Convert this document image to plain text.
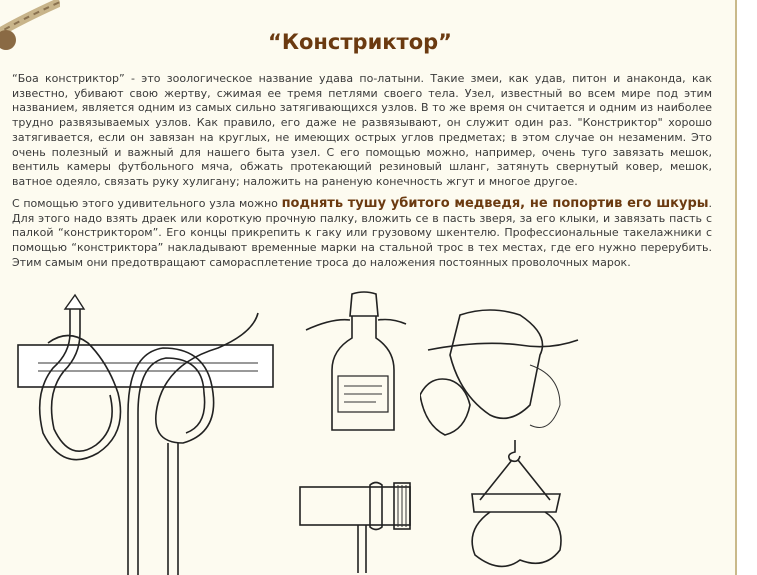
“Констриктор”

“Боа констриктор” - это зоологическое название удава по-латыни. Такие змеи, как удав, питон и анаконда, как известно, убивают свою жертву, сжимая ее тремя петлями своего тела. Узел, известный во всем мире под этим названием, является одним из самых сильно затягивающихся узлов. В то же время он считается и одним из наиболее трудно развязываемых узлов. Как правило, его даже не развязывают, он служит один раз. "Констриктор" хорошо затягивается, если он завязан на круглых, не имеющих острых углов предметах; в этом случае он незаменим. Это очень полезный и важный для нашего быта узел. С его помощью можно, например, очень туго завязать мешок, вентиль камеры футбольного мяча, обжать протекающий резиновый шланг, затянуть свернутый ковер, мешок, ватное одеяло, связать руку хулигану; наложить на раненую конечность жгут и многое другое.

С помощью этого удивительного узла можно поднять тушу убитого медведя, не попортив его шкуры. Для этого надо взять драек или короткую прочную палку, вложить се в пасть зверя, за его клыки, и завязать пасть с палкой “констриктором”. Его концы прикрепить к гаку или грузовому шкентелю. Профессиональные такелажники с помощью “констриктора” накладывают временные марки на стальной трос в тех местах, где его нужно перерубить. Этим самым они предотвращают саморасплетение троса до наложения постоянных проволочных марок.
